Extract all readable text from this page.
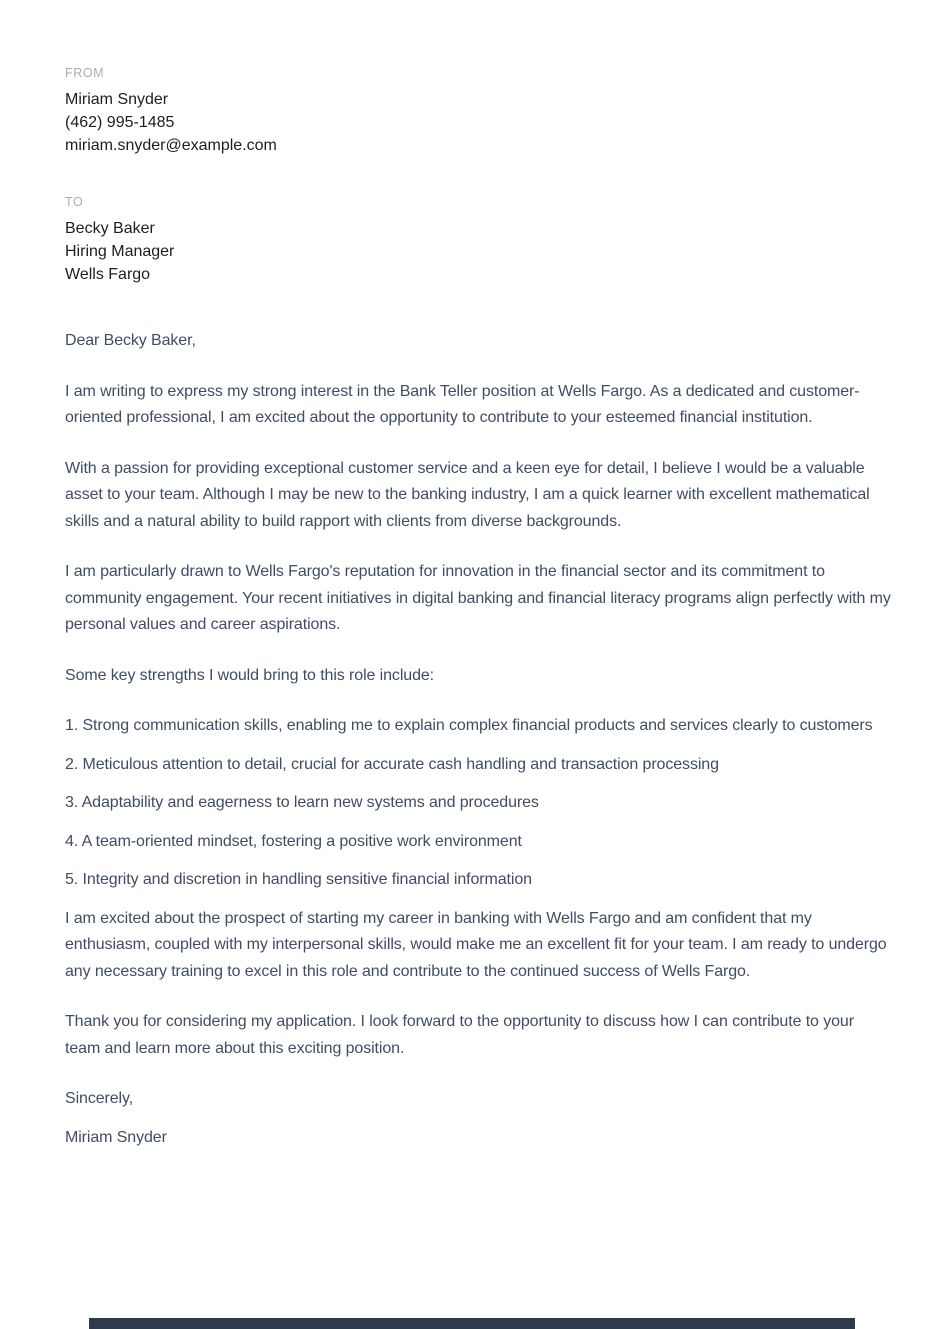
FROM
Miriam Snyder
(462) 995-1485
miriam.snyder@example.com
TO
Becky Baker
Hiring Manager
Wells Fargo

Dear Becky Baker,

I am writing to express my strong interest in the Bank Teller position at Wells Fargo. As a dedicated and customer-oriented professional, I am excited about the opportunity to contribute to your esteemed financial institution.

With a passion for providing exceptional customer service and a keen eye for detail, I believe I would be a valuable asset to your team. Although I may be new to the banking industry, I am a quick learner with excellent mathematical skills and a natural ability to build rapport with clients from diverse backgrounds.

I am particularly drawn to Wells Fargo's reputation for innovation in the financial sector and its commitment to community engagement. Your recent initiatives in digital banking and financial literacy programs align perfectly with my personal values and career aspirations.

Some key strengths I would bring to this role include:

1. Strong communication skills, enabling me to explain complex financial products and services clearly to customers

2. Meticulous attention to detail, crucial for accurate cash handling and transaction processing

3. Adaptability and eagerness to learn new systems and procedures

4. A team-oriented mindset, fostering a positive work environment

5. Integrity and discretion in handling sensitive financial information

I am excited about the prospect of starting my career in banking with Wells Fargo and am confident that my enthusiasm, coupled with my interpersonal skills, would make me an excellent fit for your team. I am ready to undergo any necessary training to excel in this role and contribute to the continued success of Wells Fargo.

Thank you for considering my application. I look forward to the opportunity to discuss how I can contribute to your team and learn more about this exciting position.

Sincerely,

Miriam Snyder
